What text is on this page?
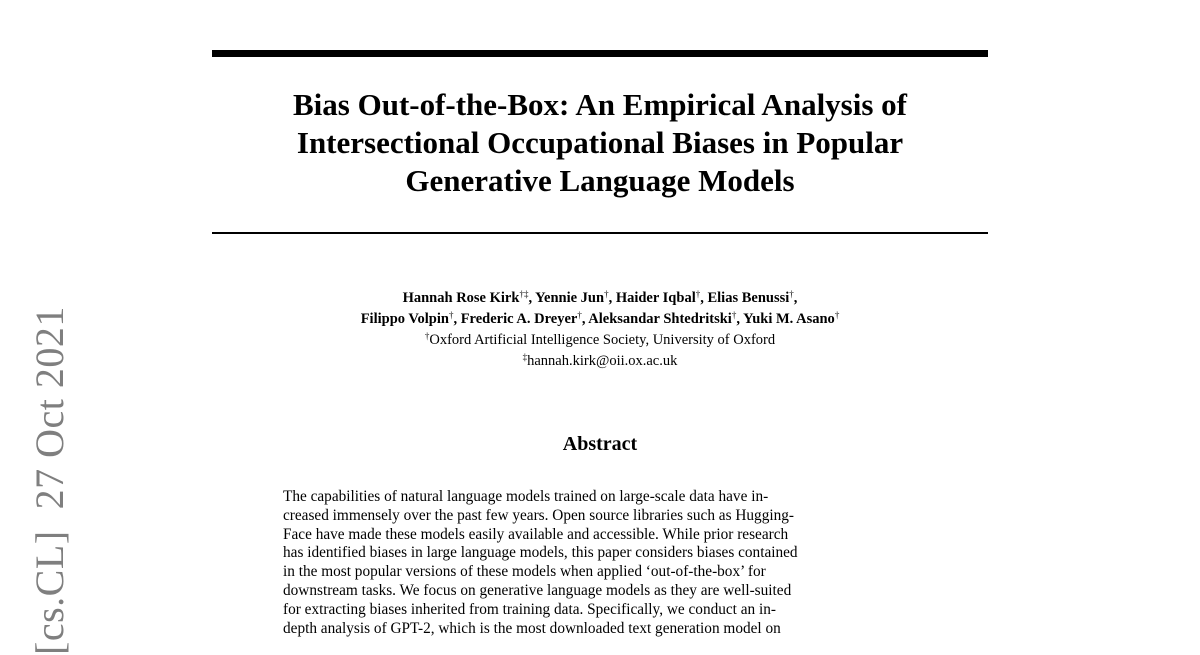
Bias Out-of-the-Box: An Empirical Analysis of
Intersectional Occupational Biases in Popular
Generative Language Models
Hannah Rose Kirk†‡, Yennie Jun†, Haider Iqbal†, Elias Benussi†,
Filippo Volpin†, Frederic A. Dreyer†, Aleksandar Shtedritski†, Yuki M. Asano†
†Oxford Artificial Intelligence Society, University of Oxford
‡hannah.kirk@oii.ox.ac.uk
Abstract
The capabilities of natural language models trained on large-scale data have in-
creased immensely over the past few years. Open source libraries such as Hugging-
Face have made these models easily available and accessible. While prior research
has identified biases in large language models, this paper considers biases contained
in the most popular versions of these models when applied ‘out-of-the-box’ for
downstream tasks. We focus on generative language models as they are well-suited
for extracting biases inherited from training data. Specifically, we conduct an in-
depth analysis of GPT-2, which is the most downloaded text generation model on
[cs.CL]  27 Oct 2021
